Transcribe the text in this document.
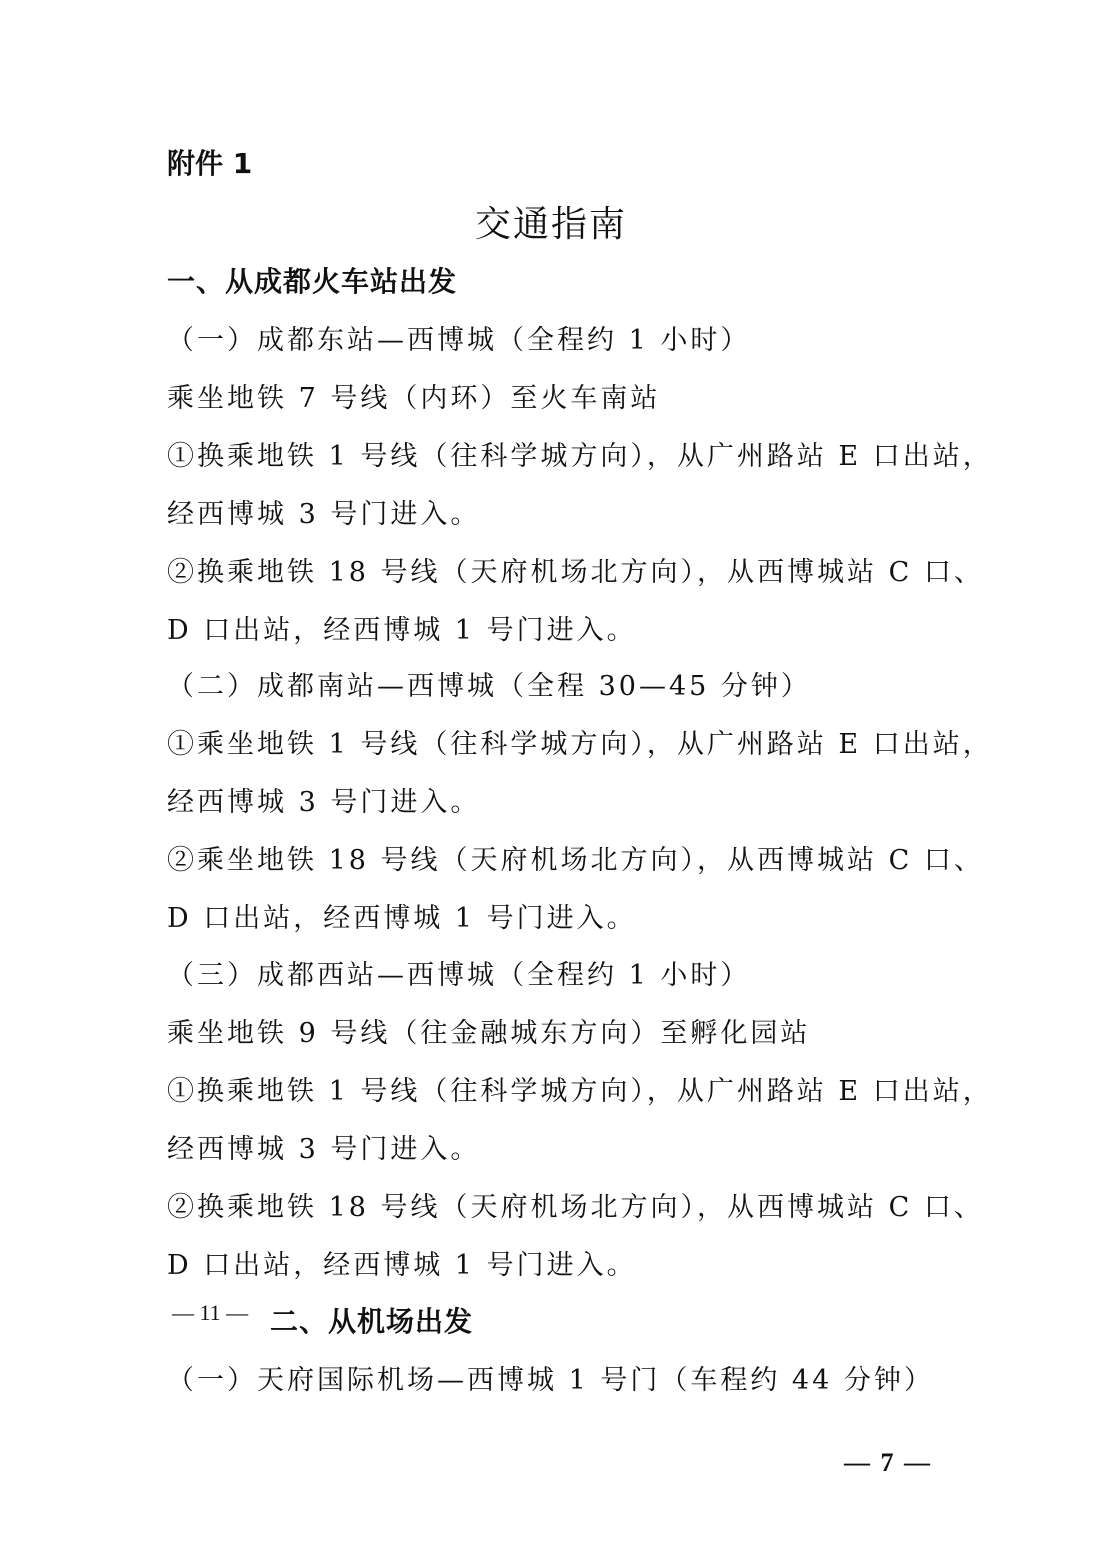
附件 1
交通指南
一、从成都火车站出发
（一）成都东站—西博城（全程约 1 小时）
乘坐地铁 7 号线（内环）至火车南站
①换乘地铁 1 号线（往科学城方向），从广州路站 E 口出站，
经西博城 3 号门进入。
②换乘地铁 18 号线（天府机场北方向），从西博城站 C 口、
D 口出站，经西博城 1 号门进入。
（二）成都南站—西博城（全程 30—45 分钟）
①乘坐地铁 1 号线（往科学城方向），从广州路站 E 口出站，
经西博城 3 号门进入。
②乘坐地铁 18 号线（天府机场北方向），从西博城站 C 口、
D 口出站，经西博城 1 号门进入。
（三）成都西站—西博城（全程约 1 小时）
乘坐地铁 9 号线（往金融城东方向）至孵化园站
①换乘地铁 1 号线（往科学城方向），从广州路站 E 口出站，
经西博城 3 号门进入。
②换乘地铁 18 号线（天府机场北方向），从西博城站 C 口、
D 口出站，经西博城 1 号门进入。
— 11 — 二、从机场出发
（一）天府国际机场—西博城 1 号门（车程约 44 分钟）
— 7 —
